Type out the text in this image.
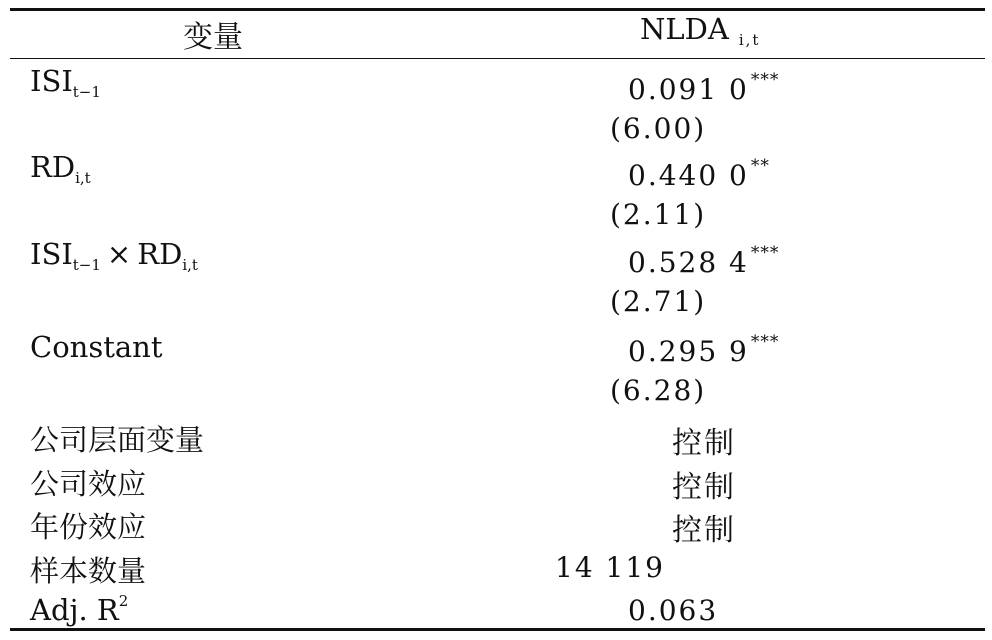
变量	NLDA $_{i,t}$
$ISI_{t-1}$	0.091 0 ***
(6.00)
$RD_{i,t}$	0.440 0 **
(2.11)
$ISI_{t-1} \times RD_{i,t}$	0.528 4 ***
(2.71)
Constant	0.295 9 ***
(6.28)
公司层面变量	控制
公司效应	控制
年份效应	控制
样本数量	14 119
Adj. $R^2$	0.063
